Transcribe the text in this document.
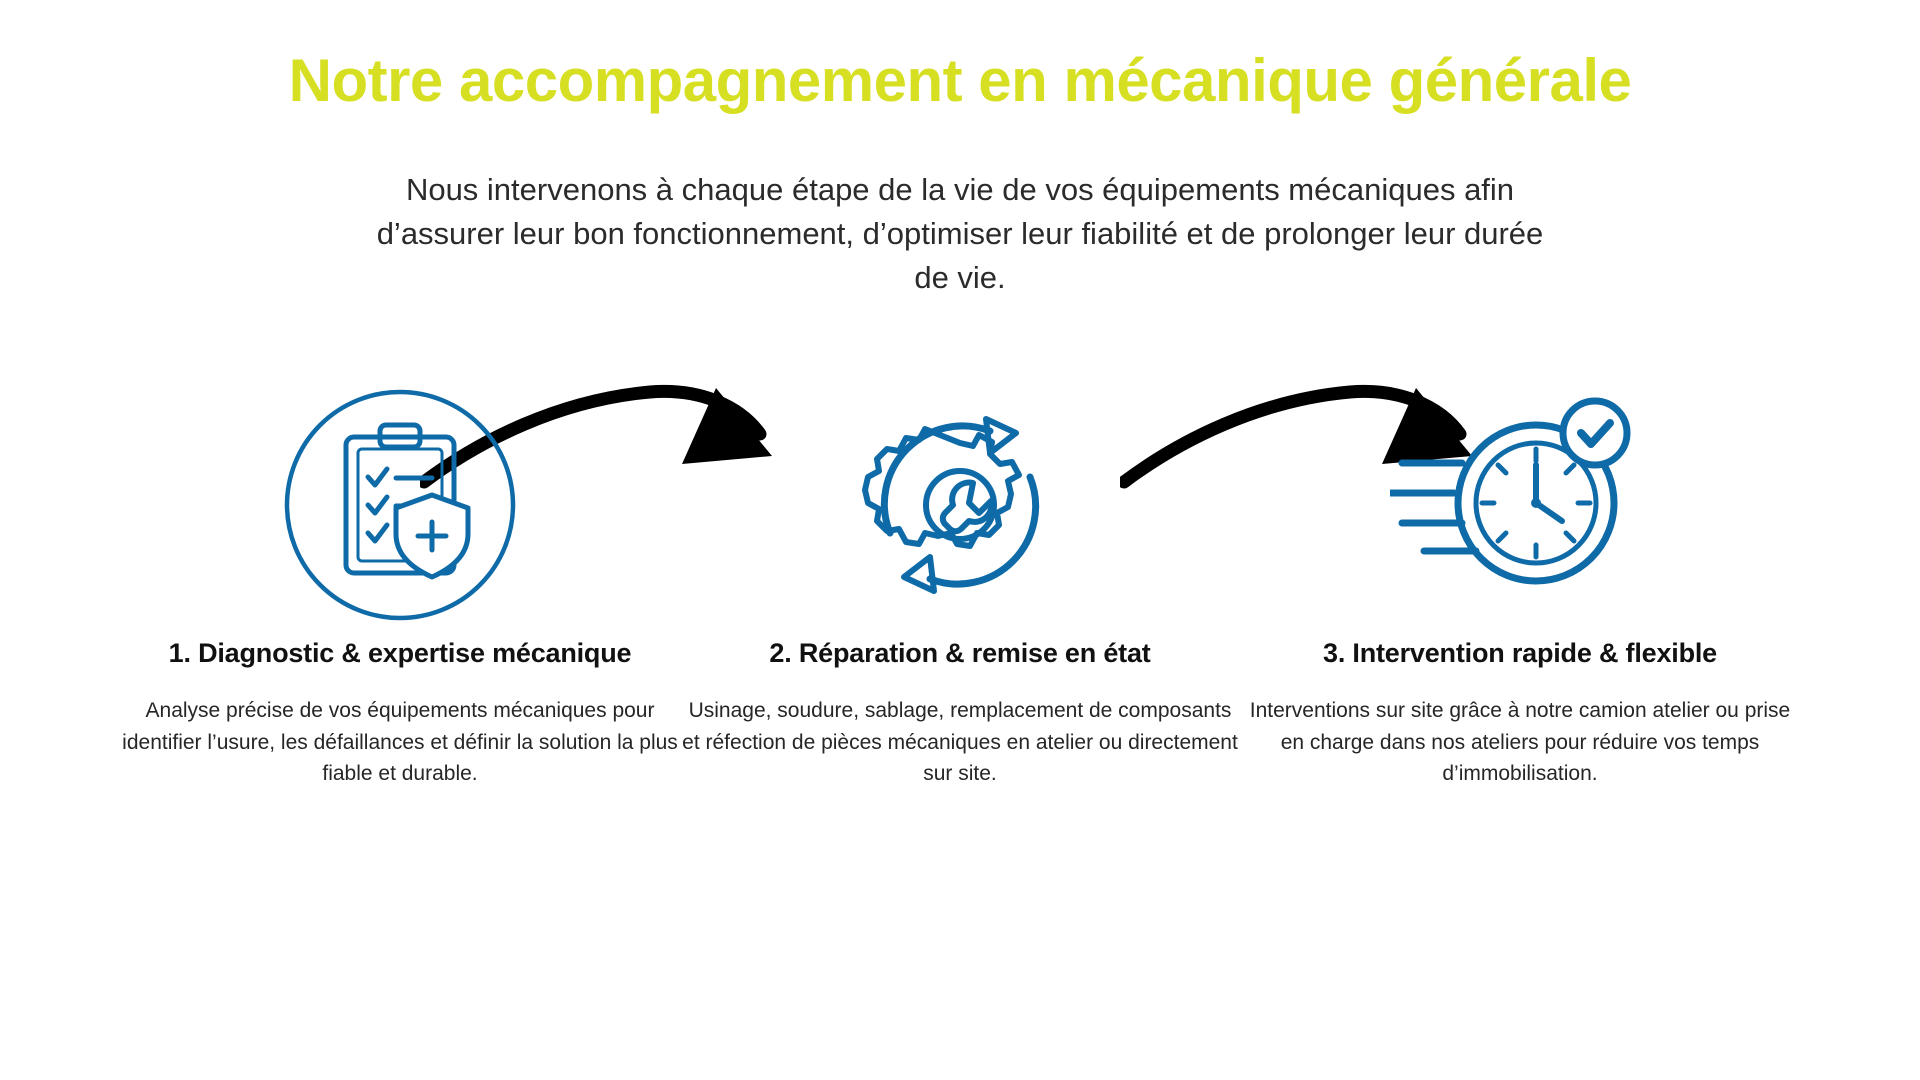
Notre accompagnement en mécanique générale
Nous intervenons à chaque étape de la vie de vos équipements mécaniques afin d’assurer leur bon fonctionnement, d’optimiser leur fiabilité et de prolonger leur durée de vie.
1. Diagnostic & expertise mécanique
Analyse précise de vos équipements mécaniques pour identifier l’usure, les défaillances et définir la solution la plus fiable et durable.
2. Réparation & remise en état
Usinage, soudure, sablage, remplacement de composants et réfection de pièces mécaniques en atelier ou directement sur site.
3. Intervention rapide & flexible
Interventions sur site grâce à notre camion atelier ou prise en charge dans nos ateliers pour réduire vos temps d’immobilisation.
